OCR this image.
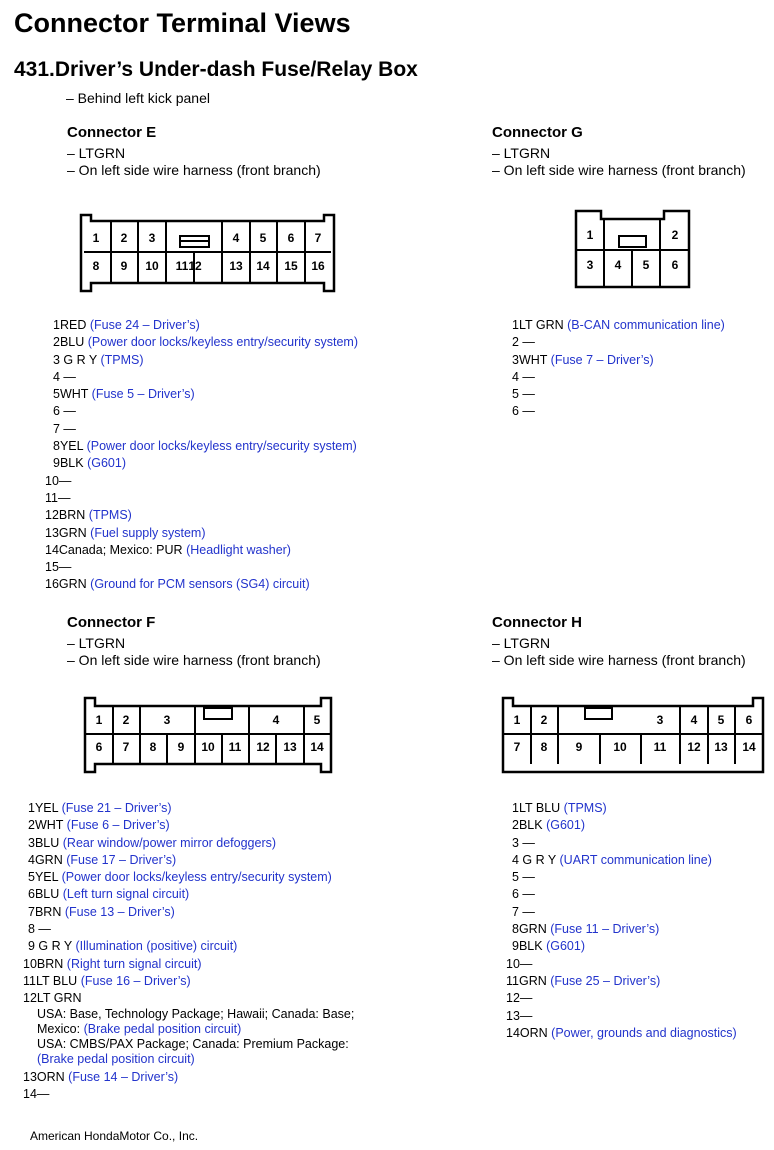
Connector Terminal Views
431.Driver’s Under-dash Fuse/Relay Box
– Behind left kick panel
Connector E
– LTGRN
– On left side wire harness (front branch)
Connector G
– LTGRN
– On left side wire harness (front branch)
1 2 3	4 5 6 7
8 9 10 11 12 13 14 15 16
1	2
3 4 5 6
1RED (Fuse 24 – Driver’s)
2BLU (Power door locks/keyless entry/security system)
3 G R Y (TPMS)
4 —
5WHT (Fuse 5 – Driver’s)
6 —
7 —
8YEL (Power door locks/keyless entry/security system)
9BLK (G601)
10—
11—
12BRN (TPMS)
13GRN (Fuel supply system)
14Canada; Mexico: PUR (Headlight washer)
15—
16GRN (Ground for PCM sensors (SG4) circuit)
1LT GRN (B-CAN communication line)
2 —
3WHT (Fuse 7 – Driver’s)
4 —
5 —
6 —
Connector F
– LTGRN
– On left side wire harness (front branch)
Connector H
– LTGRN
– On left side wire harness (front branch)
1 2	3	4	5
6 7 8 9 10 11 12 13 14
1 2	3 4 5 6
7 8 9	10 11 12 13 14
1YEL (Fuse 21 – Driver’s)
2WHT (Fuse 6 – Driver’s)
3BLU (Rear window/power mirror defoggers)
4GRN (Fuse 17 – Driver’s)
5YEL (Power door locks/keyless entry/security system)
6BLU (Left turn signal circuit)
7BRN (Fuse 13 – Driver’s)
8 —
9 G R Y (Illumination (positive) circuit)
10BRN (Right turn signal circuit)
11LT BLU (Fuse 16 – Driver’s)
12LT GRN
USA: Base, Technology Package; Hawaii; Canada: Base;
Mexico: (Brake pedal position circuit)
USA: CMBS/PAX Package; Canada: Premium Package:
(Brake pedal position circuit)
13ORN (Fuse 14 – Driver’s)
14—
1LT BLU (TPMS)
2BLK (G601)
3 —
4 G R Y (UART communication line)
5 —
6 —
7 —
8GRN (Fuse 11 – Driver’s)
9BLK (G601)
10—
11GRN (Fuse 25 – Driver’s)
12—
13—
14ORN (Power, grounds and diagnostics)
American HondaMotor Co., Inc.
